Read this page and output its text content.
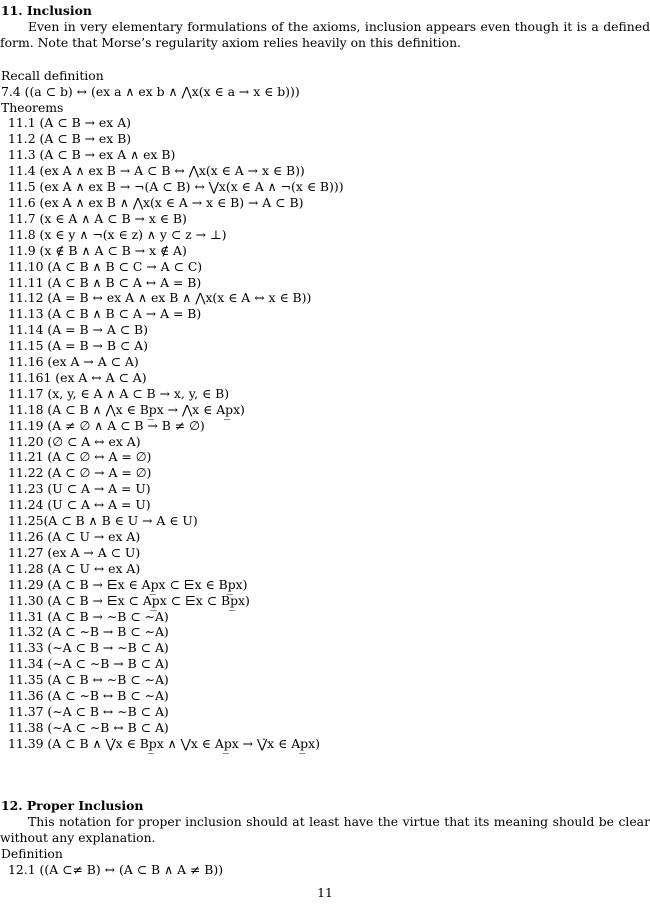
11. Inclusion

Even in very elementary formulations of the axioms, inclusion appears even though it is a defined form. Note that Morse’s regularity axiom relies heavily on this definition.

Recall definition
7.4 ((a ⊂ b) ↔ (ex a ∧ ex b ∧ ⋀x(x ∈ a → x ∈ b)))
Theorems
11.1 (A ⊂ B → ex A)
11.2 (A ⊂ B → ex B)
11.3 (A ⊂ B → ex A ∧ ex B)
11.4 (ex A ∧ ex B → A ⊂ B ↔ ⋀x(x ∈ A → x ∈ B))
11.5 (ex A ∧ ex B → ¬(A ⊂ B) ↔ ⋁x(x ∈ A ∧ ¬(x ∈ B)))
11.6 (ex A ∧ ex B ∧ ⋀x(x ∈ A → x ∈ B) → A ⊂ B)
11.7 (x ∈ A ∧ A ⊂ B → x ∈ B)
11.8 (x ∈ y ∧ ¬(x ∈ z) ∧ y ⊂ z → ⊥)
11.9 (x ∉ B ∧ A ⊂ B → x ∉ A)
11.10 (A ⊂ B ∧ B ⊂ C → A ⊂ C)
11.11 (A ⊂ B ∧ B ⊂ A ↔ A = B)
11.12 (A = B ↔ ex A ∧ ex B ∧ ⋀x(x ∈ A ↔ x ∈ B))
11.13 (A ⊂ B ∧ B ⊂ A → A = B)
11.14 (A = B → A ⊂ B)
11.15 (A = B → B ⊂ A)
11.16 (ex A → A ⊂ A)
11.161 (ex A ↔ A ⊂ A)
11.17 (x, y, ∈ A ∧ A ⊂ B → x, y, ∈ B)
11.18 (A ⊂ B ∧ ⋀x ∈ Bp̲x → ⋀x ∈ Ap̲x)
11.19 (A ≠ ∅ ∧ A ⊂ B → B ≠ ∅)
11.20 (∅ ⊂ A ↔ ex A)
11.21 (A ⊂ ∅ ↔ A = ∅)
11.22 (A ⊂ ∅ → A = ∅)
11.23 (U ⊂ A → A = U)
11.24 (U ⊂ A ↔ A = U)
11.25(A ⊂ B ∧ B ∈ U → A ∈ U)
11.26 (A ⊂ U → ex A)
11.27 (ex A → A ⊂ U)
11.28 (A ⊂ U ↔ ex A)
11.29 (A ⊂ B → ⋿x ∈ Ap̲x ⊂ ⋿x ∈ Bp̲x)
11.30 (A ⊂ B → ⋿x ⊂ Ap̲x ⊂ ⋿x ⊂ Bp̲x)
11.31 (A ⊂ B → ∼B ⊂ ∼A)
11.32 (A ⊂ ∼B → B ⊂ ∼A)
11.33 (∼A ⊂ B → ∼B ⊂ A)
11.34 (∼A ⊂ ∼B → B ⊂ A)
11.35 (A ⊂ B ↔ ∼B ⊂ ∼A)
11.36 (A ⊂ ∼B ↔ B ⊂ ∼A)
11.37 (∼A ⊂ B ↔ ∼B ⊂ A)
11.38 (∼A ⊂ ∼B ↔ B ⊂ A)
11.39 (A ⊂ B ∧ ⋁̇x ∈ Bp̲x ∧ ⋁x ∈ Ap̲x → ⋁̇x ∈ Ap̲x)
12. Proper Inclusion

This notation for proper inclusion should at least have the virtue that its meaning should be clear without any explanation.

Definition
12.1 ((A ⊂≠ B) ↔ (A ⊂ B ∧ A ≠ B))
11
